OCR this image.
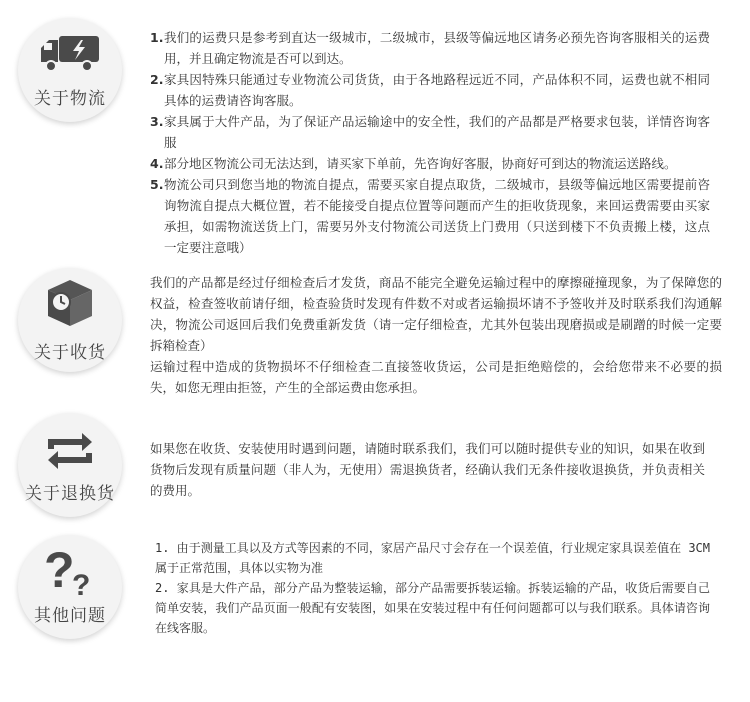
关于物流
1. 我们的运费只是参考到直达一级城市，二级城市，县级等偏远地区请务必预先咨询客服相关的运费用，并且确定物流是否可以到达。
2. 家具因特殊只能通过专业物流公司货货，由于各地路程远近不同，产品体积不同，运费也就不相同具体的运费请咨询客服。
3. 家具属于大件产品，为了保证产品运输途中的安全性，我们的产品都是严格要求包装，详情咨询客服
4. 部分地区物流公司无法达到，请买家下单前，先咨询好客服，协商好可到达的物流运送路线。
5. 物流公司只到您当地的物流自提点，需要买家自提点取货，二级城市，县级等偏远地区需要提前咨询物流自提点大概位置，若不能接受自提点位置等问题而产生的拒收货现象，来回运费需要由买家承担，如需物流送货上门，需要另外支付物流公司送货上门费用（只送到楼下不负责搬上楼，这点一定要注意哦）
关于收货

我们的产品都是经过仔细检查后才发货，商品不能完全避免运输过程中的摩擦碰撞现象，为了保障您的权益，检查签收前请仔细，检查验货时发现有件数不对或者运输损坏请不予签收并及时联系我们沟通解决，物流公司返回后我们免费重新发货（请一定仔细检查，尤其外包装出现磨损或是刷蹭的时候一定要拆箱检查）

运输过程中造成的货物损坏不仔细检查二直接签收货运，公司是拒绝赔偿的，会给您带来不必要的损失，如您无理由拒签，产生的全部运费由您承担。

关于退换货

如果您在收货、安装使用时遇到问题，请随时联系我们，我们可以随时提供专业的知识，如果在收到货物后发现有质量问题（非人为，无使用）需退换货者，经确认我们无条件接收退换货，并负责相关的费用。

?
?
其他问题

1. 由于测量工具以及方式等因素的不同，家居产品尺寸会存在一个误差值，行业规定家具误差值在 3CM属于正常范围，具体以实物为准

2. 家具是大件产品，部分产品为整装运输，部分产品需要拆装运输。拆装运输的产品，收货后需要自己简单安装，我们产品页面一般配有安装图，如果在安装过程中有任何问题都可以与我们联系。具体请咨询在线客服。
